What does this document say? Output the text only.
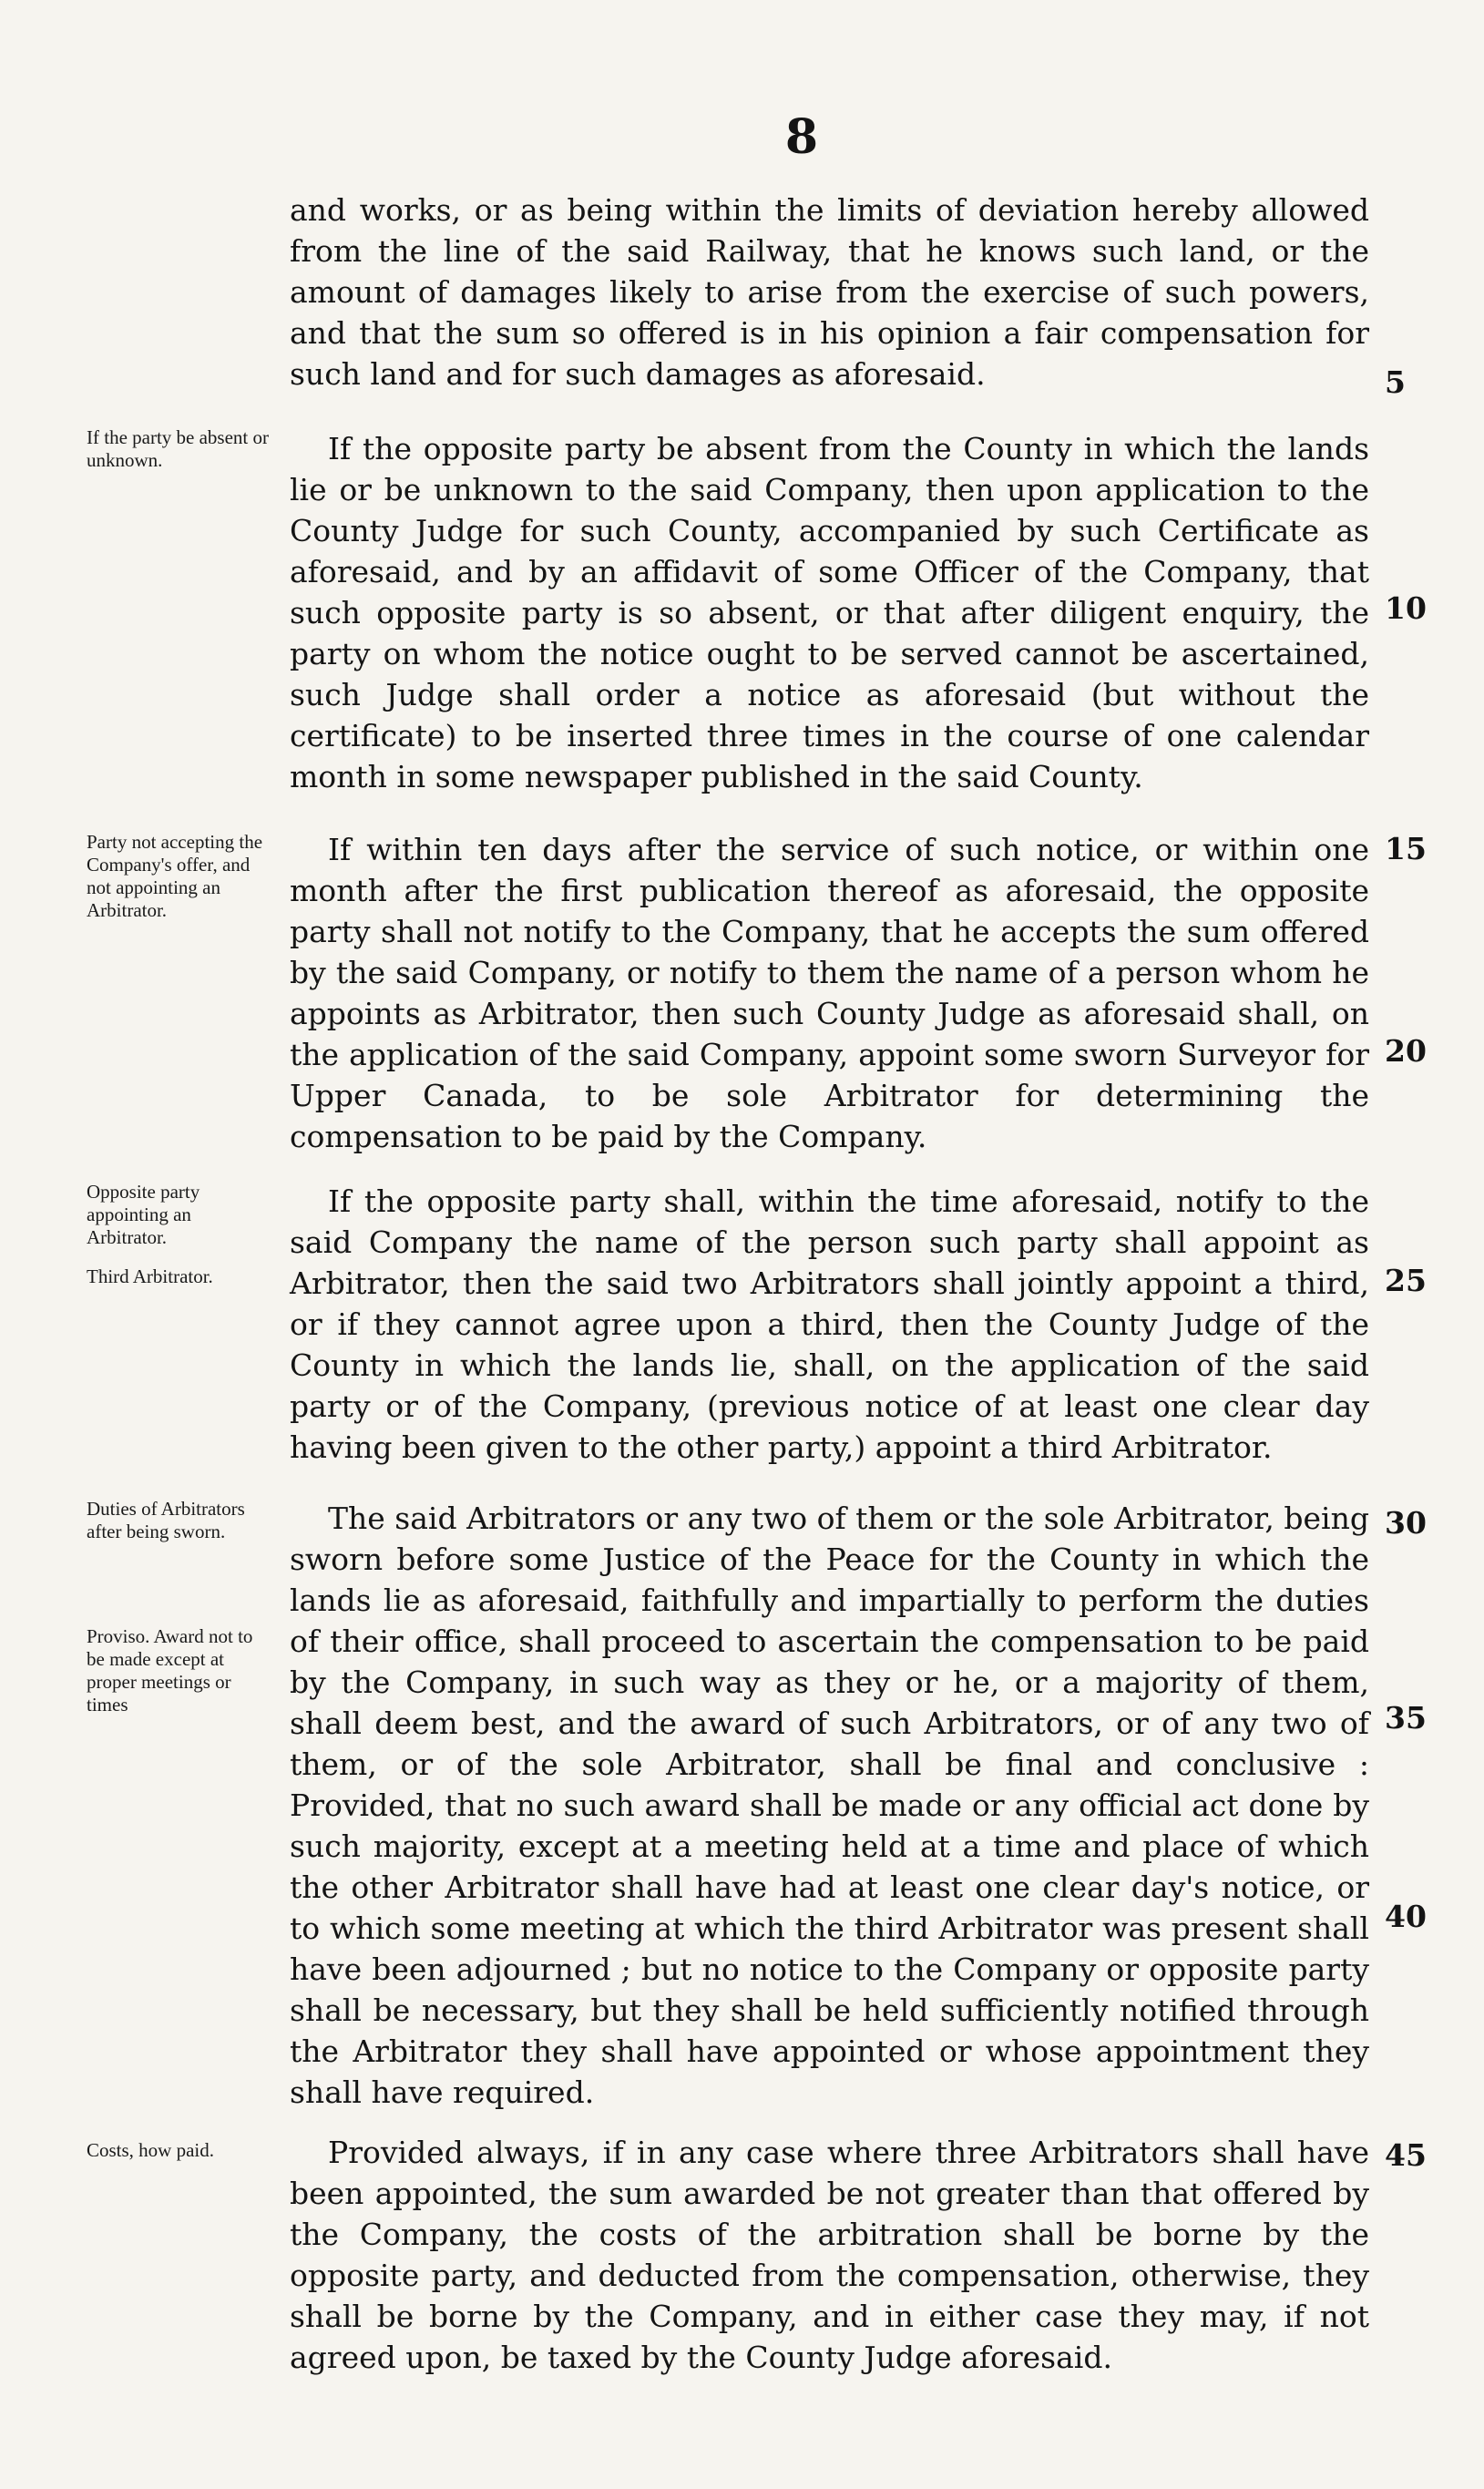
8

and works, or as being within the limits of deviation hereby allowed from the line of the said Railway, that he knows such land, or the amount of damages likely to arise from the exercise of such powers, and that the sum so offered is in his opinion a fair compensation for such land and for such damages as aforesaid.	5
If the party be absent or unknown.	If the opposite party be absent from the County in which the lands lie or be unknown to the said Company, then upon application to the County Judge for such County, accompanied by such Certificate as aforesaid, and by an affidavit of some Officer of the Company, that such opposite party is so absent, or that after diligent enquiry, the party on whom the notice ought to be served cannot be ascertained, such Judge shall order a notice as aforesaid (but without the certificate) to be inserted three times in the course of one calendar month in some newspaper published in the said County.

10
Party not accepting the Company's offer, and not appointing an Arbitrator.

If within ten days after the service of such notice, or within one month after the first publication thereof as aforesaid, the opposite party shall not notify to the Company, that he accepts the sum offered by the said Company, or notify to them the name of a person whom he appoints as Arbitrator, then such County Judge as aforesaid shall, on the application of the said Company, appoint some sworn Surveyor for Upper Canada, to be sole Arbitrator for determining the compensation to be paid by the Company.

15
20
Opposite party appointing an Arbitrator.
Third Arbitrator.

If the opposite party shall, within the time aforesaid, notify to the said Company the name of the person such party shall appoint as Arbitrator, then the said two Arbitrators shall jointly appoint a third, or if they cannot agree upon a third, then the County Judge of the County in which the lands lie, shall, on the application of the said party or of the Company, (previous notice of at least one clear day having been given to the other party,) appoint a third Arbitrator.

25
Duties of Arbitrators after being sworn.
Proviso. Award not to be made except at proper meetings or times

The said Arbitrators or any two of them or the sole Arbitrator, being sworn before some Justice of the Peace for the County in which the lands lie as aforesaid, faithfully and impartially to perform the duties of their office, shall proceed to ascertain the compensation to be paid by the Company, in such way as they or he, or a majority of them, shall deem best, and the award of such Arbitrators, or of any two of them, or of the sole Arbitrator, shall be final and conclusive : Provided, that no such award shall be made or any official act done by such majority, except at a meeting held at a time and place of which the other Arbitrator shall have had at least one clear day's notice, or to which some meeting at which the third Arbitrator was present shall have been adjourned ; but no notice to the Company or opposite party shall be necessary, but they shall be held sufficiently notified through the Arbitrator they shall have appointed or whose appointment they shall have required.

30
35
40
Costs, how paid.	Provided always, if in any case where three Arbitrators shall have been appointed, the sum awarded be not greater than that offered by the Company, the costs of the arbitration shall be borne by the opposite party, and deducted from the compensation, otherwise, they shall be borne by the Company, and in either case they may, if not agreed upon, be taxed by the County Judge aforesaid.

45
